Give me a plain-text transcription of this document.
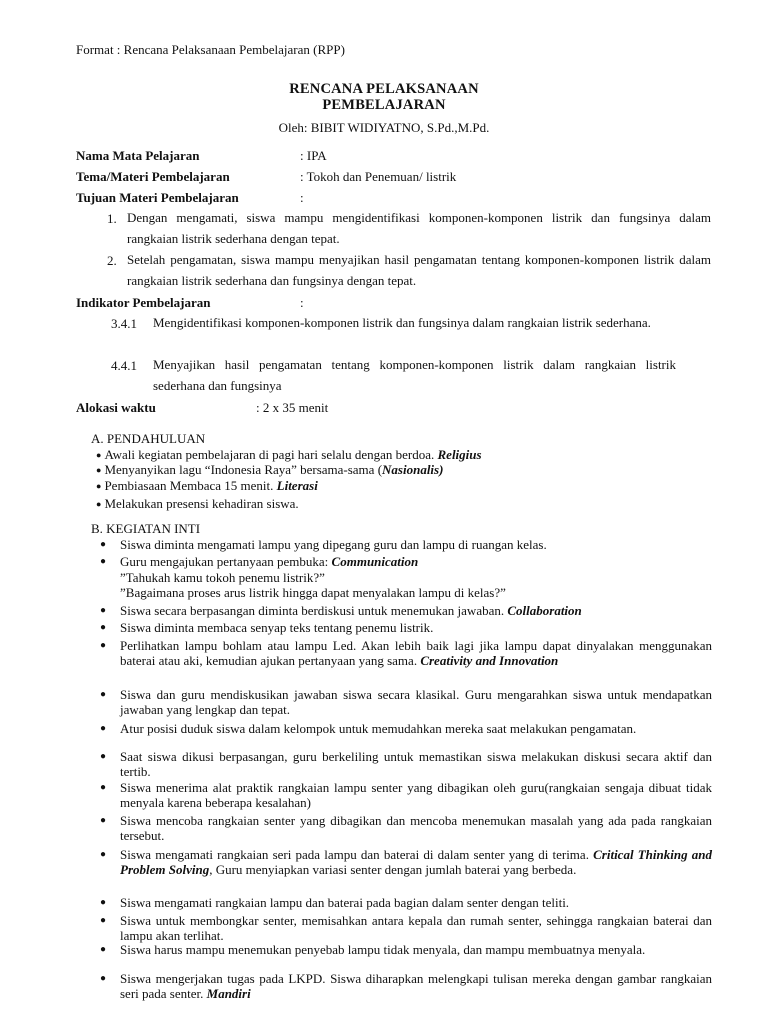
Format : Rencana Pelaksanaan Pembelajaran (RPP)
RENCANA PELAKSANAAN
PEMBELAJARAN
Oleh: BIBIT WIDIYATNO, S.Pd.,M.Pd.
Nama Mata Pelajaran	: IPA
Tema/Materi Pembelajaran	: Tokoh dan Penemuan/ listrik
Tujuan Materi Pembelajaran	:
1. Dengan mengamati, siswa mampu mengidentifikasi komponen-komponen listrik dan fungsinya dalam rangkaian listrik sederhana dengan tepat.
2. Setelah pengamatan, siswa mampu menyajikan hasil pengamatan tentang komponen-komponen listrik dalam rangkaian listrik sederhana dan fungsinya dengan tepat.
Indikator Pembelajaran	:
3.4.1 Mengidentifikasi komponen-komponen listrik dan fungsinya dalam rangkaian listrik sederhana.
4.4.1 Menyajikan hasil pengamatan tentang komponen-komponen listrik dalam rangkaian listrik sederhana dan fungsinya
Alokasi waktu	: 2 x 35 menit
A. PENDAHULUAN
● Awali kegiatan pembelajaran di pagi hari selalu dengan berdoa. Religius
● Menyanyikan lagu “Indonesia Raya” bersama-sama (Nasionalis)
● Pembiasaan Membaca 15 menit. Literasi
● Melakukan presensi kehadiran siswa.
B. KEGIATAN INTI
● Siswa diminta mengamati lampu yang dipegang guru dan lampu di ruangan kelas.
● Guru mengajukan pertanyaan pembuka: Communication
”Tahukah kamu tokoh penemu listrik?”
”Bagaimana proses arus listrik hingga dapat menyalakan lampu di kelas?”
● Siswa secara berpasangan diminta berdiskusi untuk menemukan jawaban. Collaboration
● Siswa diminta membaca senyap teks tentang penemu listrik.
● Perlihatkan lampu bohlam atau lampu Led. Akan lebih baik lagi jika lampu dapat dinyalakan menggunakan baterai atau aki, kemudian ajukan pertanyaan yang sama. Creativity and Innovation
● Siswa dan guru mendiskusikan jawaban siswa secara klasikal. Guru mengarahkan siswa untuk mendapatkan jawaban yang lengkap dan tepat.
● Atur posisi duduk siswa dalam kelompok untuk memudahkan mereka saat melakukan pengamatan.
● Saat siswa dikusi berpasangan, guru berkeliling untuk memastikan siswa melakukan diskusi secara aktif dan tertib.
● Siswa menerima alat praktik rangkaian lampu senter yang dibagikan oleh guru(rangkaian sengaja dibuat tidak menyala karena beberapa kesalahan)
● Siswa mencoba rangkaian senter yang dibagikan dan mencoba menemukan masalah yang ada pada rangkaian tersebut.
● Siswa mengamati rangkaian seri pada lampu dan baterai di dalam senter yang di terima. Critical Thinking and Problem Solving, Guru menyiapkan variasi senter dengan jumlah baterai yang berbeda.
● Siswa mengamati rangkaian lampu dan baterai pada bagian dalam senter dengan teliti.
● Siswa untuk membongkar senter, memisahkan antara kepala dan rumah senter, sehingga rangkaian baterai dan lampu akan terlihat.
● Siswa harus mampu menemukan penyebab lampu tidak menyala, dan mampu membuatnya menyala.
● Siswa mengerjakan tugas pada LKPD. Siswa diharapkan melengkapi tulisan mereka dengan gambar rangkaian seri pada senter. Mandiri
